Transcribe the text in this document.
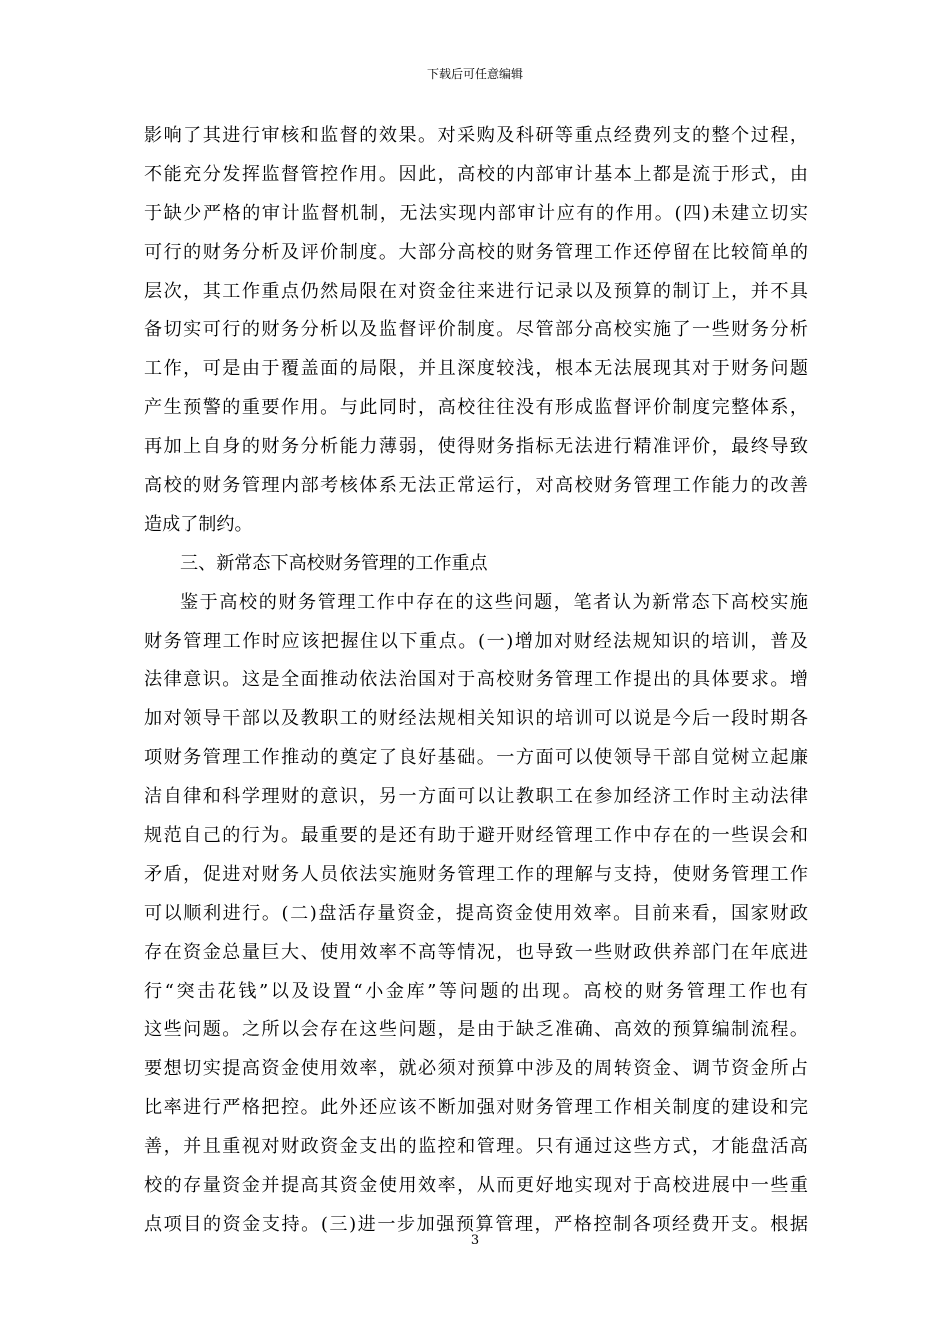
下载后可任意编辑
影响了其进行审核和监督的效果。对采购及科研等重点经费列支的整个过程，
不能充分发挥监督管控作用。因此，高校的内部审计基本上都是流于形式，由
于缺少严格的审计监督机制，无法实现内部审计应有的作用。(四)未建立切实
可行的财务分析及评价制度。大部分高校的财务管理工作还停留在比较简单的
层次，其工作重点仍然局限在对资金往来进行记录以及预算的制订上，并不具
备切实可行的财务分析以及监督评价制度。尽管部分高校实施了一些财务分析
工作，可是由于覆盖面的局限，并且深度较浅，根本无法展现其对于财务问题
产生预警的重要作用。与此同时，高校往往没有形成监督评价制度完整体系，
再加上自身的财务分析能力薄弱，使得财务指标无法进行精准评价，最终导致
高校的财务管理内部考核体系无法正常运行，对高校财务管理工作能力的改善
造成了制约。
三、新常态下高校财务管理的工作重点
鉴于高校的财务管理工作中存在的这些问题，笔者认为新常态下高校实施
财务管理工作时应该把握住以下重点。(一)增加对财经法规知识的培训，普及
法律意识。这是全面推动依法治国对于高校财务管理工作提出的具体要求。增
加对领导干部以及教职工的财经法规相关知识的培训可以说是今后一段时期各
项财务管理工作推动的奠定了良好基础。一方面可以使领导干部自觉树立起廉
洁自律和科学理财的意识，另一方面可以让教职工在参加经济工作时主动法律
规范自己的行为。最重要的是还有助于避开财经管理工作中存在的一些误会和
矛盾，促进对财务人员依法实施财务管理工作的理解与支持，使财务管理工作
可以顺利进行。(二)盘活存量资金，提高资金使用效率。目前来看，国家财政
存在资金总量巨大、使用效率不高等情况，也导致一些财政供养部门在年底进
行“突击花钱”以及设置“小金库”等问题的出现。高校的财务管理工作也有
这些问题。之所以会存在这些问题，是由于缺乏准确、高效的预算编制流程。
要想切实提高资金使用效率，就必须对预算中涉及的周转资金、调节资金所占
比率进行严格把控。此外还应该不断加强对财务管理工作相关制度的建设和完
善，并且重视对财政资金支出的监控和管理。只有通过这些方式，才能盘活高
校的存量资金并提高其资金使用效率，从而更好地实现对于高校进展中一些重
点项目的资金支持。(三)进一步加强预算管理，严格控制各项经费开支。根据
3
